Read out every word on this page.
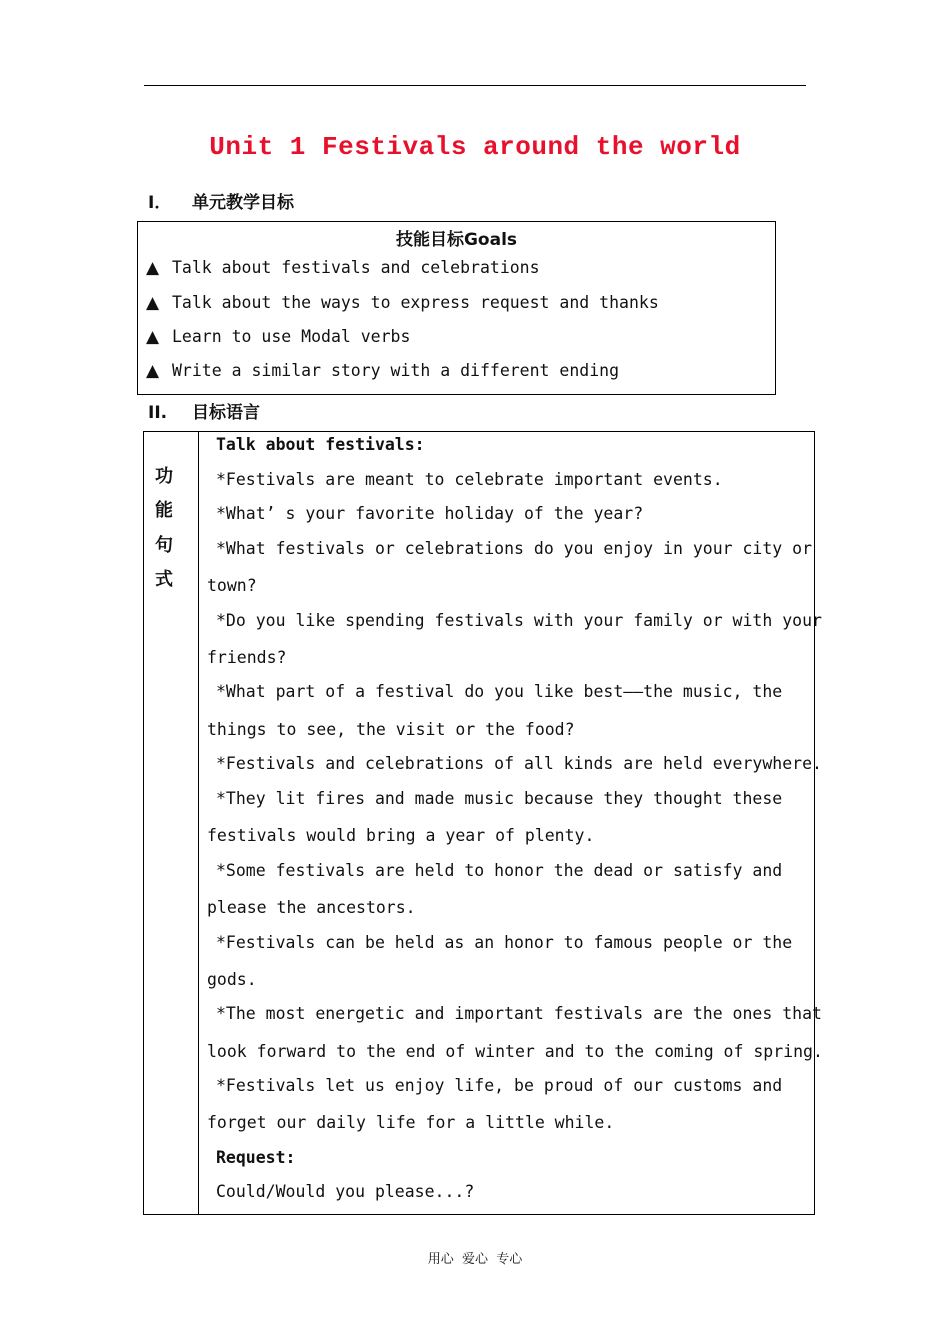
Unit 1 Festivals around the world
I． 单元教学目标
技能目标Goals
▲ Talk about festivals and celebrations
▲ Talk about the ways to express request and thanks
▲ Learn to use Modal verbs
▲ Write a similar story with a different ending
II. 目标语言
功
能
句
式
Talk about festivals:
*Festivals are meant to celebrate important events.
*What’ s your favorite holiday of the year?
*What festivals or celebrations do you enjoy in your city or
town?
*Do you like spending festivals with your family or with your
friends?
*What part of a festival do you like best——the music, the
things to see, the visit or the food?
*Festivals and celebrations of all kinds are held everywhere.
*They lit fires and made music because they thought these
festivals would bring a year of plenty.
*Some festivals are held to honor the dead or satisfy and
please the ancestors.
*Festivals can be held as an honor to famous people or the
gods.
*The most energetic and important festivals are the ones that
look forward to the end of winter and to the coming of spring.
*Festivals let us enjoy life, be proud of our customs and
forget our daily life for a little while.
Request:
Could/Would you please...?
用心  爱心  专心
